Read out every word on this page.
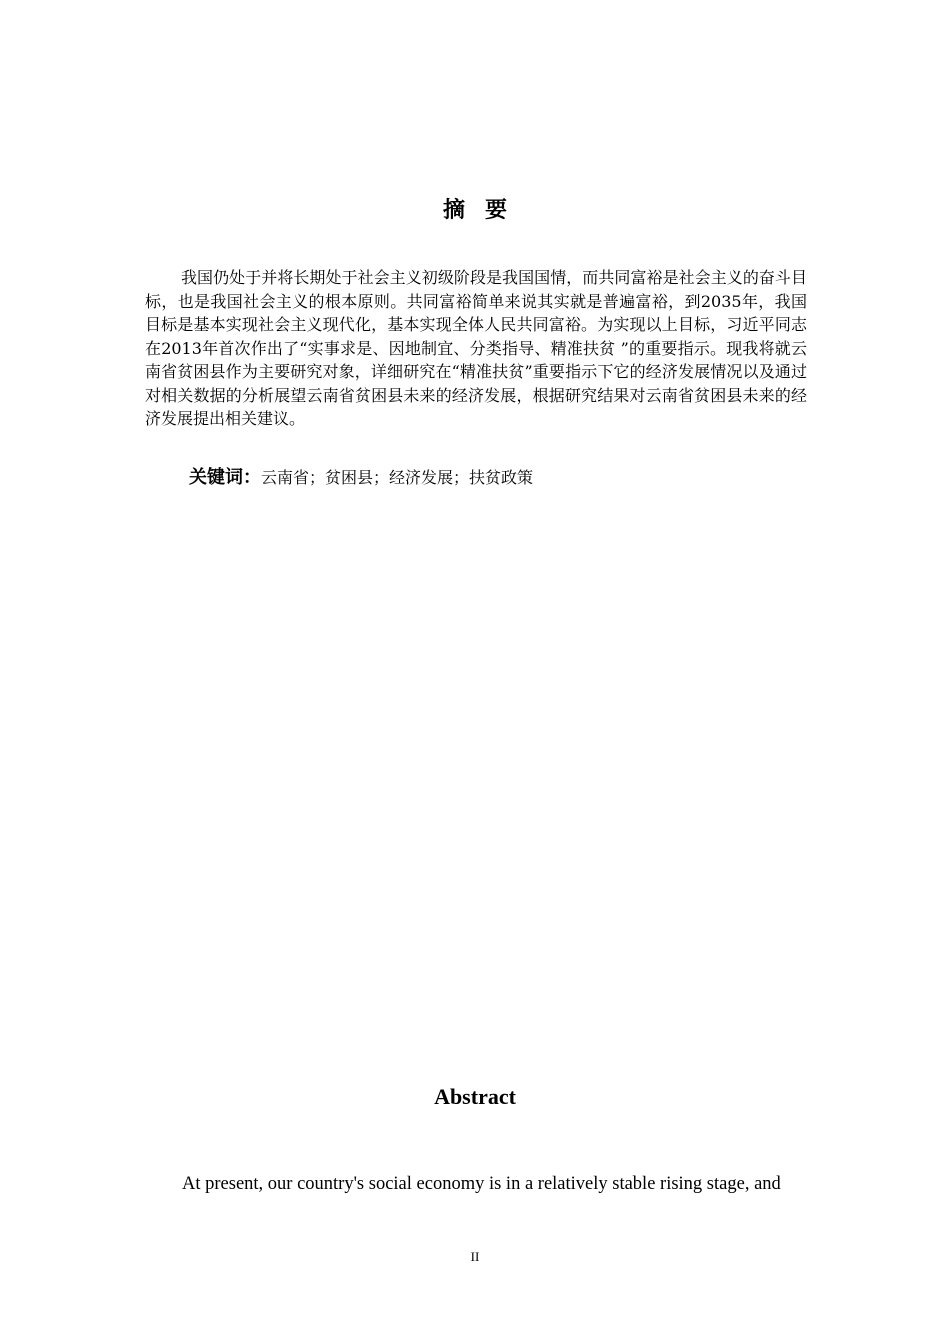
摘要

我国仍处于并将长期处于社会主义初级阶段是我国国情，而共同富裕是社会主义的奋斗目标，也是我国社会主义的根本原则。共同富裕简单来说其实就是普遍富裕，到2035年，我国目标是基本实现社会主义现代化，基本实现全体人民共同富裕。为实现以上目标，习近平同志在2013年首次作出了“实事求是、因地制宜、分类指导、精准扶贫 ”的重要指示。现我将就云南省贫困县作为主要研究对象，详细研究在“精准扶贫”重要指示下它的经济发展情况以及通过对相关数据的分析展望云南省贫困县未来的经济发展，根据研究结果对云南省贫困县未来的经济发展提出相关建议。

关键词：云南省；贫困县；经济发展；扶贫政策

Abstract

At present, our country's social economy is in a relatively stable rising stage, and

II
